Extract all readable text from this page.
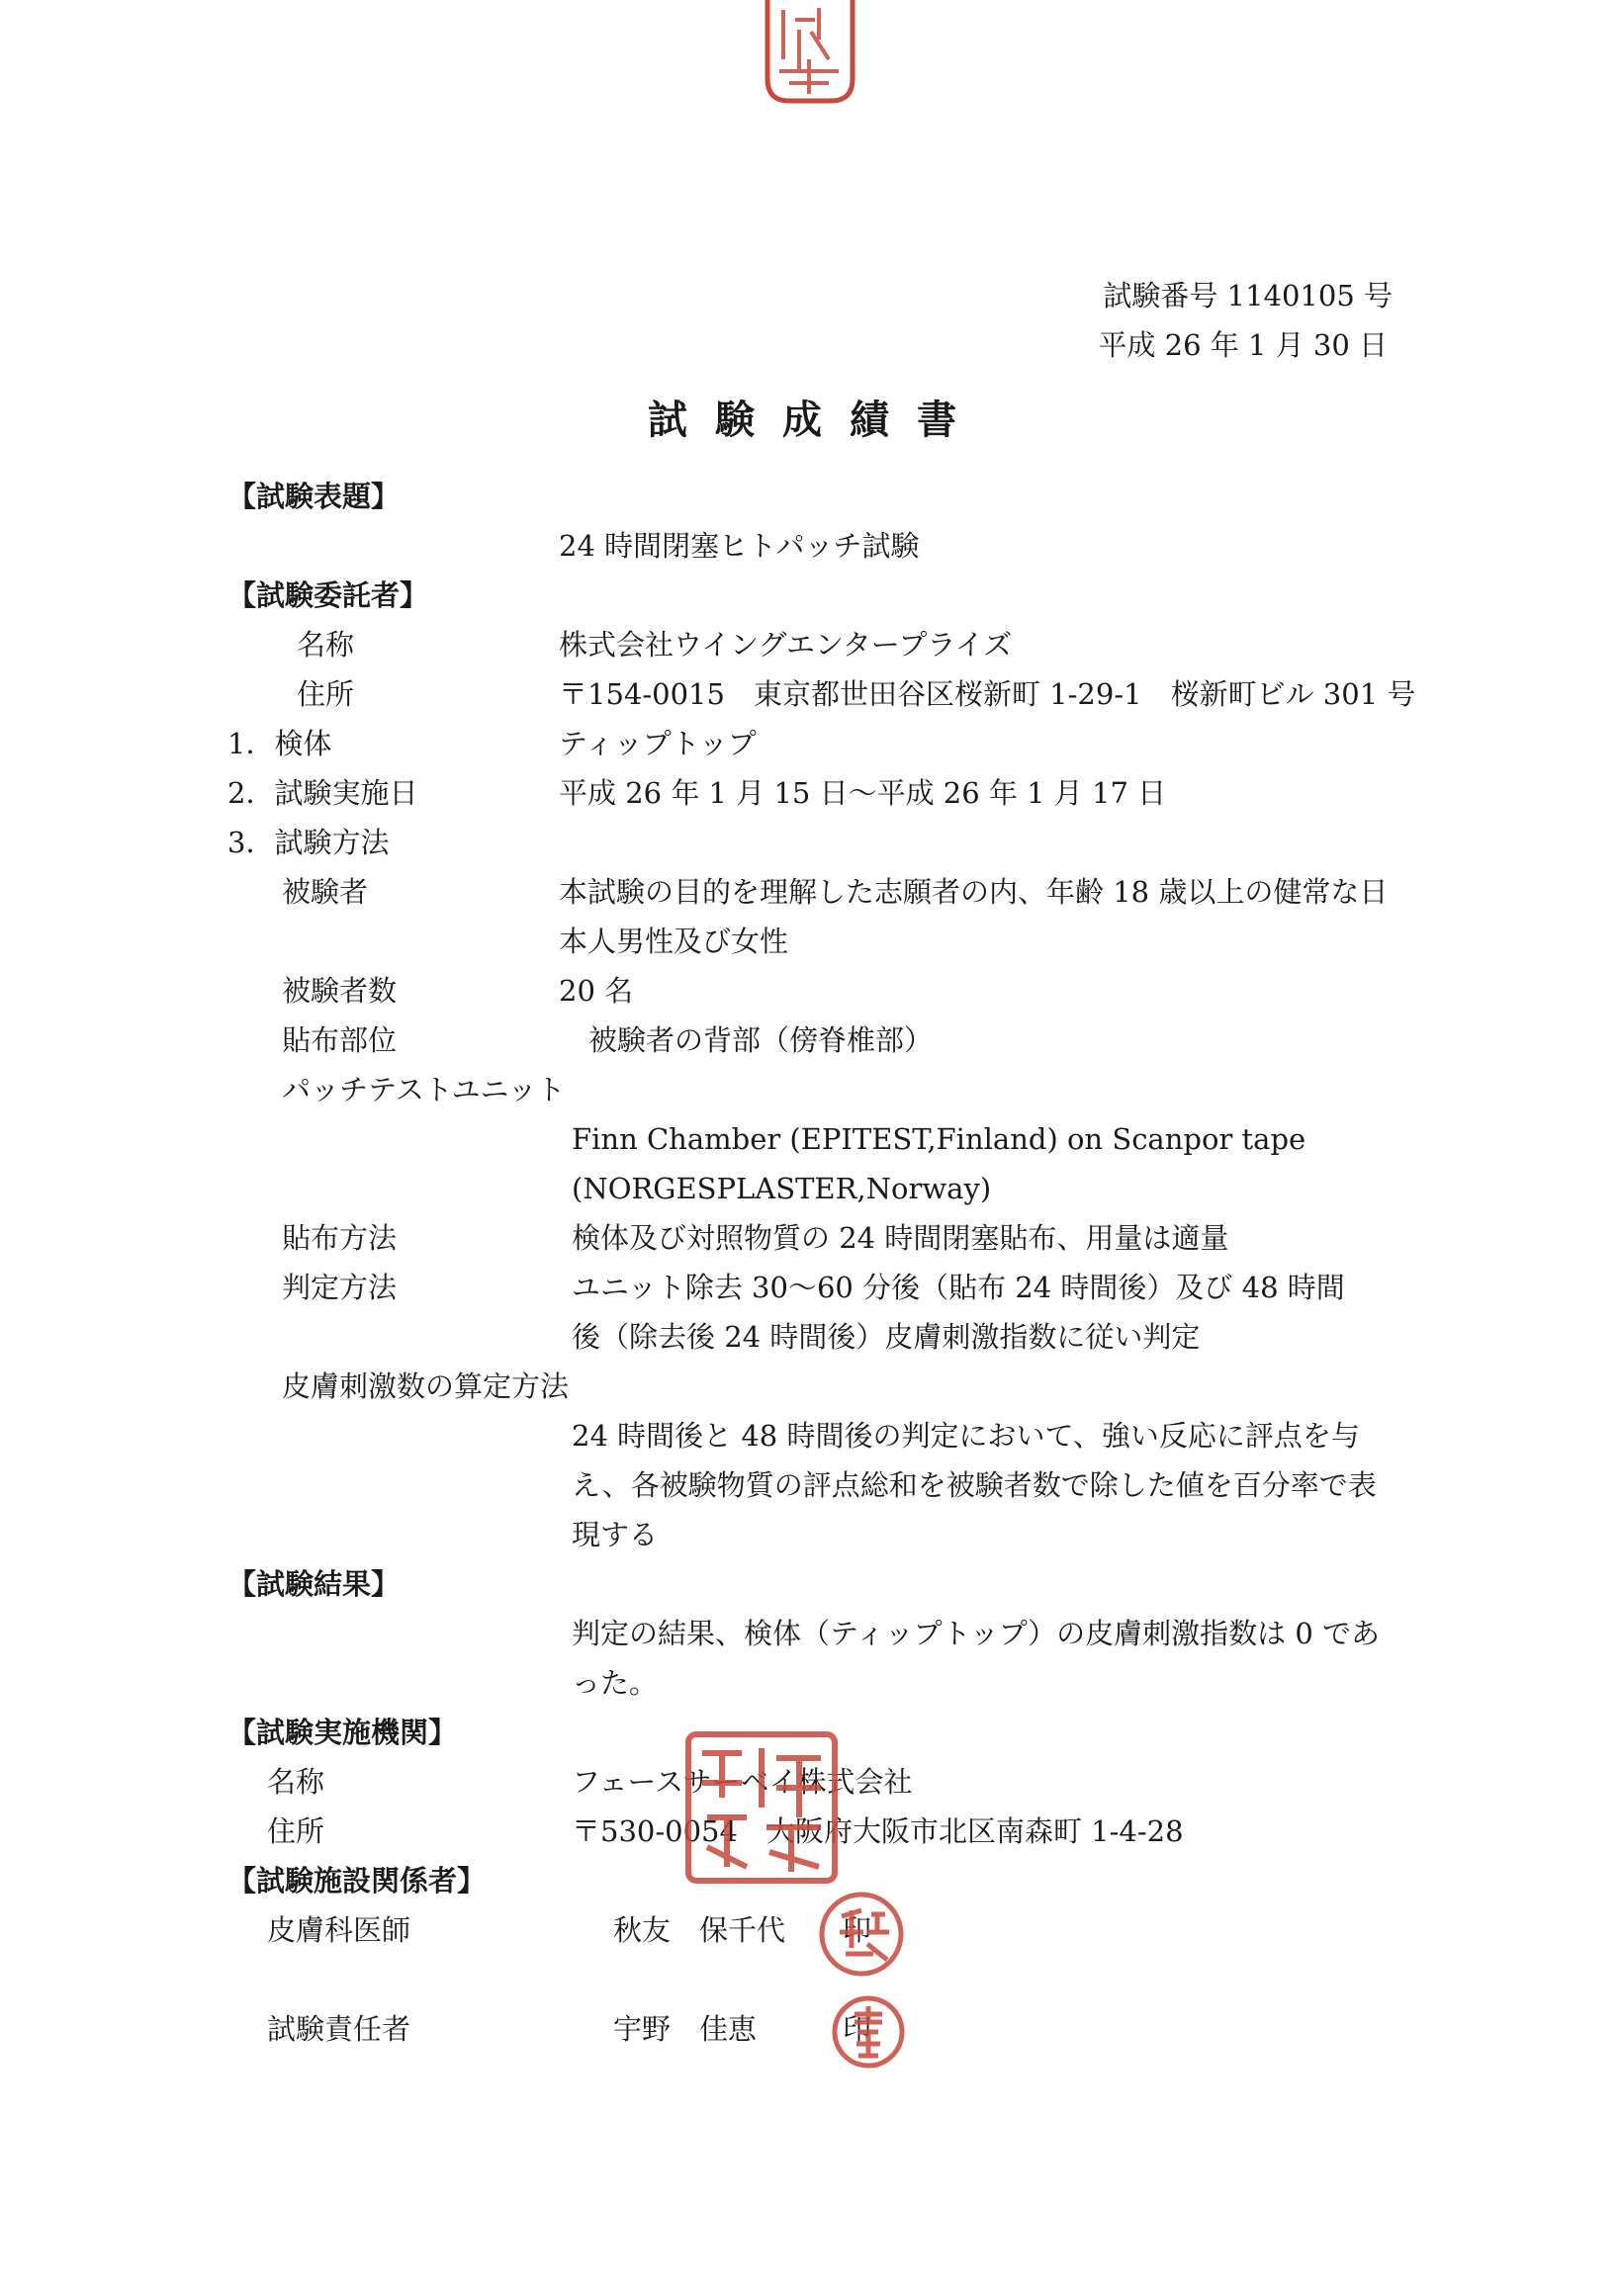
試験番号 1140105 号
平成 26 年 1 月 30 日
試験成績書
【試験表題】
24 時間閉塞ヒトパッチ試験
【試験委託者】
名称	株式会社ウイングエンタープライズ
住所	〒154-0015　東京都世田谷区桜新町 1-29-1　桜新町ビル 301 号
1．検体	ティップトップ
2．試験実施日	平成 26 年 1 月 15 日～平成 26 年 1 月 17 日
3．試験方法
被験者	本試験の目的を理解した志願者の内、年齢 18 歳以上の健常な日
本人男性及び女性
被験者数	20 名
貼布部位	被験者の背部（傍脊椎部）
パッチテストユニット
Finn Chamber (EPITEST,Finland) on Scanpor tape
(NORGESPLASTER,Norway)
貼布方法	検体及び対照物質の 24 時間閉塞貼布、用量は適量
判定方法	ユニット除去 30～60 分後（貼布 24 時間後）及び 48 時間
後（除去後 24 時間後）皮膚刺激指数に従い判定
皮膚刺激数の算定方法
24 時間後と 48 時間後の判定において、強い反応に評点を与
え、各被験物質の評点総和を被験者数で除した値を百分率で表
現する
【試験結果】
判定の結果、検体（ティップトップ）の皮膚刺激指数は 0 であ
った。
【試験実施機関】
名称	フェースサーベイ株式会社
住所	〒530-0054　大阪府大阪市北区南森町 1-4-28
【試験施設関係者】
皮膚科医師	秋友　保千代 印
試験責任者	宇野　佳恵	印
